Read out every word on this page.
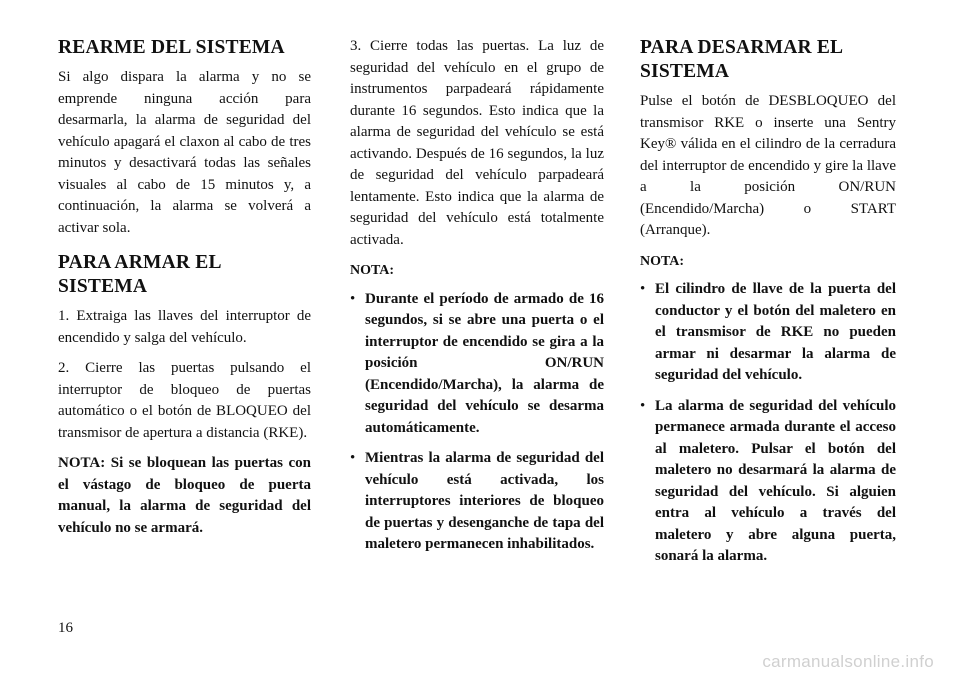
REARME DEL SISTEMA

Si algo dispara la alarma y no se emprende ninguna acción para desarmarla, la alarma de seguridad del vehículo apagará el claxon al cabo de tres minutos y desactivará todas las señales visuales al cabo de 15 minutos y, a continuación, la alarma se volverá a activar sola.

PARA ARMAR EL SISTEMA

1. Extraiga las llaves del interruptor de encendido y salga del vehículo.

2. Cierre las puertas pulsando el interruptor de bloqueo de puertas automático o el botón de BLOQUEO del transmisor de apertura a distancia (RKE).

NOTA: Si se bloquean las puertas con el vástago de bloqueo de puerta manual, la alarma de seguridad del vehículo no se armará.

3. Cierre todas las puertas. La luz de seguridad del vehículo en el grupo de instrumentos parpadeará rápidamente durante 16 segundos. Esto indica que la alarma de seguridad del vehículo se está activando. Después de 16 segundos, la luz de seguridad del vehículo parpadeará lentamente. Esto indica que la alarma de seguridad del vehículo está totalmente activada.

NOTA:
• Durante el período de armado de 16 segundos, si se abre una puerta o el interruptor de encendido se gira a la posición ON/RUN (Encendido/Marcha), la alarma de seguridad del vehículo se desarma automáticamente.
• Mientras la alarma de seguridad del vehículo está activada, los interruptores interiores de bloqueo de puertas y desenganche de tapa del maletero permanecen inhabilitados.
PARA DESARMAR EL SISTEMA

Pulse el botón de DESBLOQUEO del transmisor RKE o inserte una Sentry Key® válida en el cilindro de la cerradura del interruptor de encendido y gire la llave a la posición ON/RUN (Encendido/Marcha) o START (Arranque).

NOTA:
• El cilindro de llave de la puerta del conductor y el botón del maletero en el transmisor de RKE no pueden armar ni desarmar la alarma de seguridad del vehículo.
• La alarma de seguridad del vehículo permanece armada durante el acceso al maletero. Pulsar el botón del maletero no desarmará la alarma de seguridad del vehículo. Si alguien entra al vehículo a través del maletero y abre alguna puerta, sonará la alarma.
16
carmanualsonline.info
